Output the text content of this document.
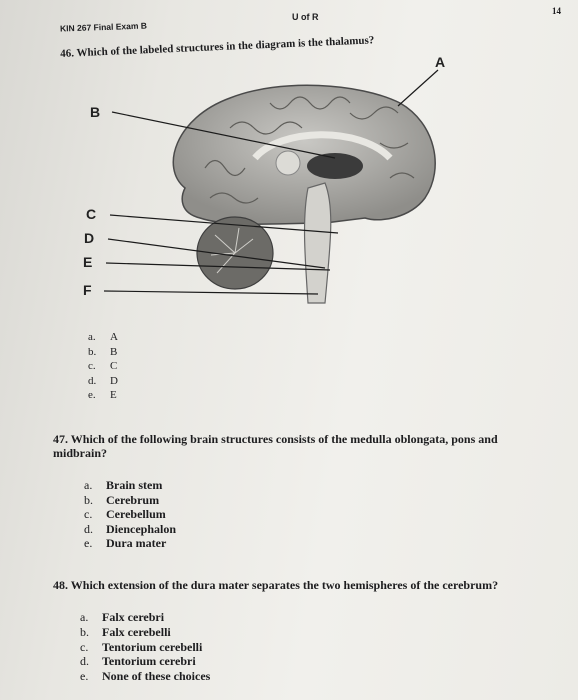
14
U of R
KIN 267 Final Exam B
46. Which of the labeled structures in the diagram is the thalamus?
A
B
C
D
E
F
a.	A
b.	B
c.	C
d.	D
e.	E
47. Which of the following brain structures consists of the medulla oblongata, pons and midbrain?
a.	Brain stem
b.	Cerebrum
c.	Cerebellum
d.	Diencephalon
e.	Dura mater
48. Which extension of the dura mater separates the two hemispheres of the cerebrum?
a.	Falx cerebri
b.	Falx cerebelli
c.	Tentorium cerebelli
d.	Tentorium cerebri
e.	None of these choices
